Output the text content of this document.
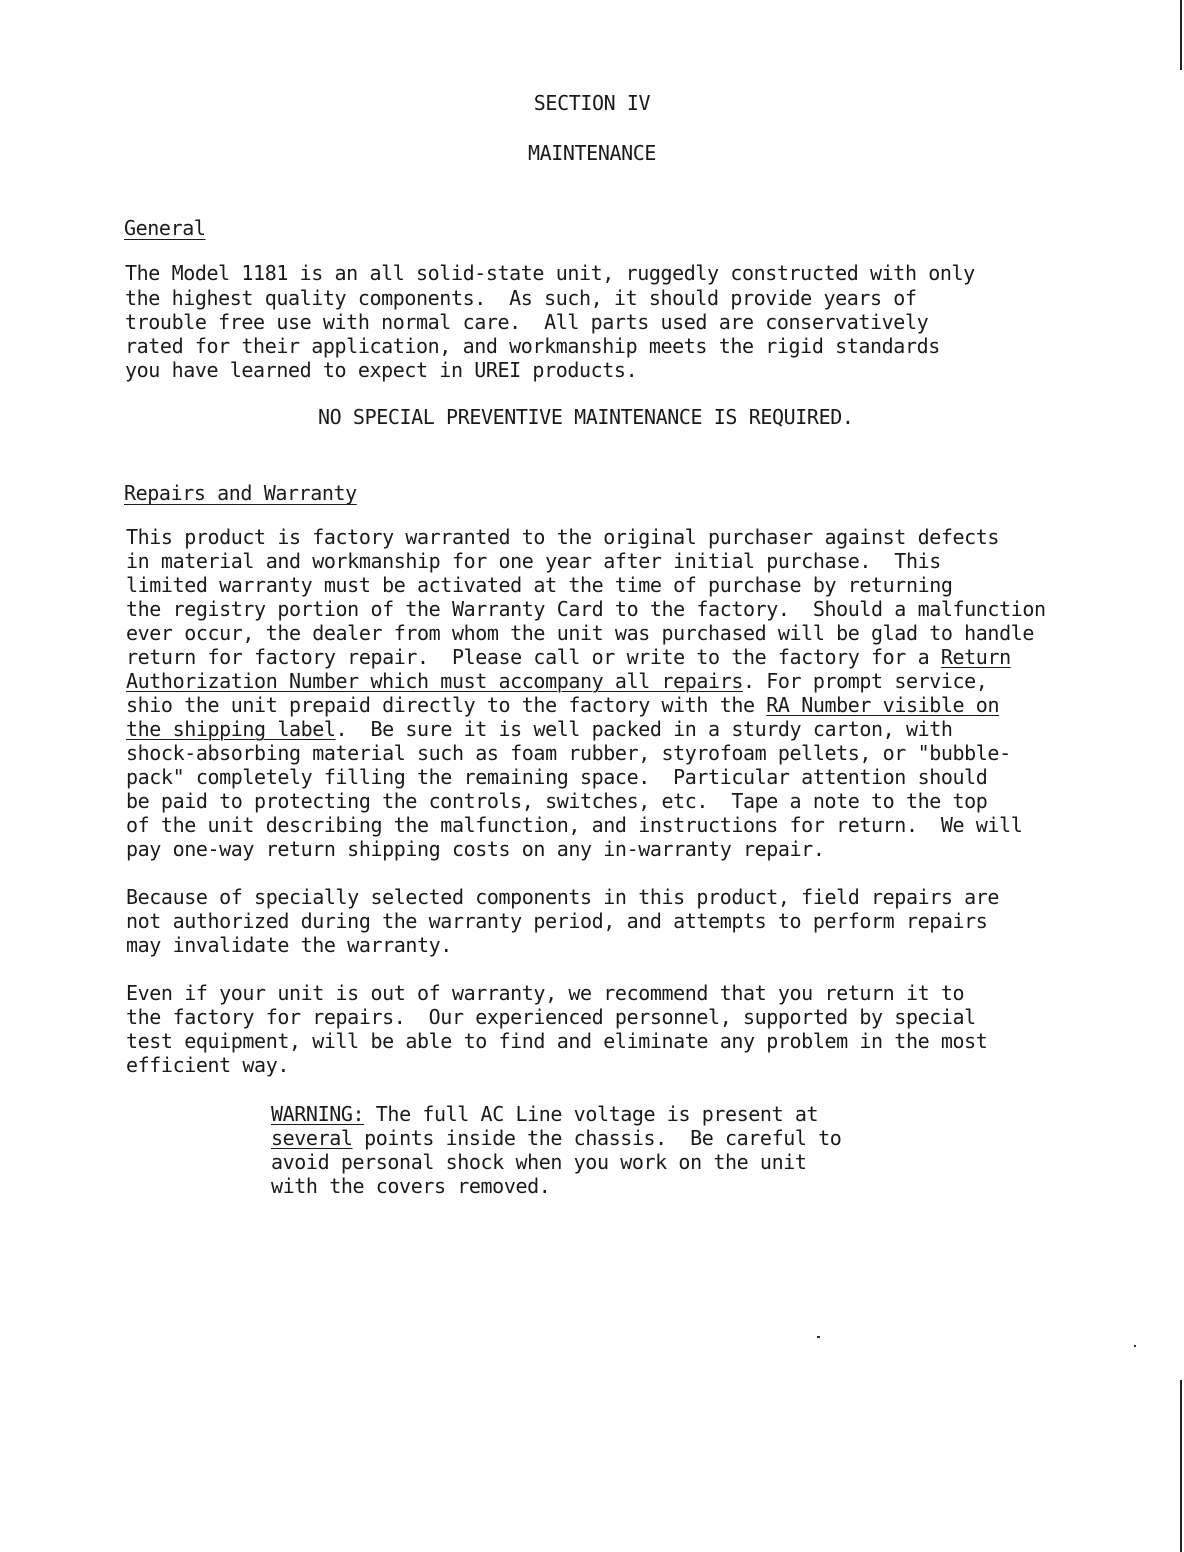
SECTION IV
MAINTENANCE
General
The Model 1181 is an all solid-state unit, ruggedly constructed with only
the highest quality components.  As such, it should provide years of
trouble free use with normal care.  All parts used are conservatively
rated for their application, and workmanship meets the rigid standards
you have learned to expect in UREI products.
NO SPECIAL PREVENTIVE MAINTENANCE IS REQUIRED.
Repairs and Warranty
This product is factory warranted to the original purchaser against defects
in material and workmanship for one year after initial purchase.  This
limited warranty must be activated at the time of purchase by returning
the registry portion of the Warranty Card to the factory.  Should a malfunction
ever occur, the dealer from whom the unit was purchased will be glad to handle
return for factory repair.  Please call or write to the factory for a Return
Authorization Number which must accompany all repairs. For prompt service,
shio the unit prepaid directly to the factory with the RA Number visible on
the shipping label.  Be sure it is well packed in a sturdy carton, with
shock-absorbing material such as foam rubber, styrofoam pellets, or "bubble-
pack" completely filling the remaining space.  Particular attention should
be paid to protecting the controls, switches, etc.  Tape a note to the top
of the unit describing the malfunction, and instructions for return.  We will
pay one-way return shipping costs on any in-warranty repair.
Because of specially selected components in this product, field repairs are
not authorized during the warranty period, and attempts to perform repairs
may invalidate the warranty.
Even if your unit is out of warranty, we recommend that you return it to
the factory for repairs.  Our experienced personnel, supported by special
test equipment, will be able to find and eliminate any problem in the most
efficient way.
WARNING: The full AC Line voltage is present at
several points inside the chassis.  Be careful to
avoid personal shock when you work on the unit
with the covers removed.
